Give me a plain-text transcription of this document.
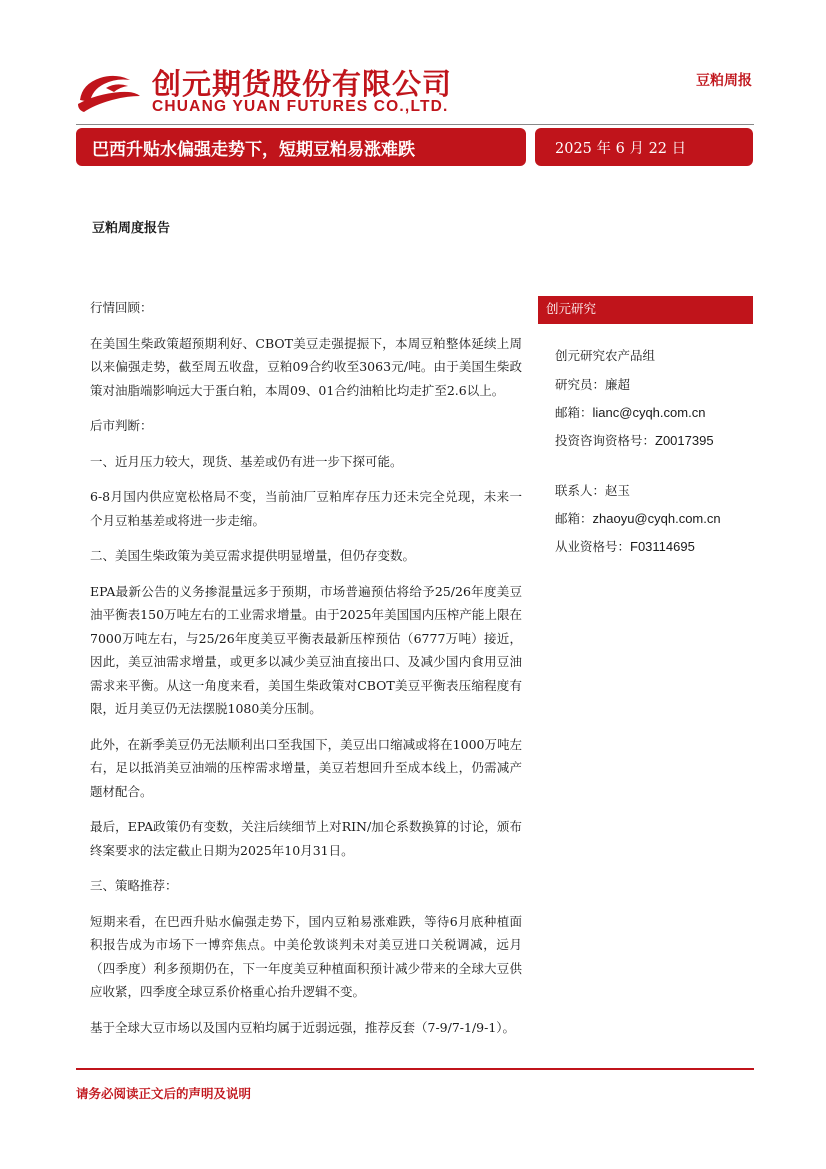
创元期货股份有限公司
CHUANG YUAN FUTURES CO.,LTD.
豆粕周报
巴西升贴水偏强走势下，短期豆粕易涨难跌	2025 年 6 月 22 日
豆粕周度报告

行情回顾：

在美国生柴政策超预期利好、CBOT美豆走强提振下，本周豆粕整体延续上周以来偏强走势，截至周五收盘，豆粕09合约收至3063元/吨。由于美国生柴政策对油脂端影响远大于蛋白粕，本周09、01合约油粕比均走扩至2.6以上。

后市判断：

一、近月压力较大，现货、基差或仍有进一步下探可能。

6-8月国内供应宽松格局不变，当前油厂豆粕库存压力还未完全兑现，未来一个月豆粕基差或将进一步走缩。

二、美国生柴政策为美豆需求提供明显增量，但仍存变数。

EPA最新公告的义务掺混量远多于预期，市场普遍预估将给予25/26年度美豆油平衡表150万吨左右的工业需求增量。由于2025年美国国内压榨产能上限在7000万吨左右，与25/26年度美豆平衡表最新压榨预估（6777万吨）接近，因此，美豆油需求增量，或更多以减少美豆油直接出口、及减少国内食用豆油需求来平衡。从这一角度来看，美国生柴政策对CBOT美豆平衡表压缩程度有限，近月美豆仍无法摆脱1080美分压制。

此外，在新季美豆仍无法顺利出口至我国下，美豆出口缩减或将在1000万吨左右，足以抵消美豆油端的压榨需求增量，美豆若想回升至成本线上，仍需减产题材配合。

最后，EPA政策仍有变数，关注后续细节上对RIN/加仑系数换算的讨论，颁布终案要求的法定截止日期为2025年10月31日。

三、策略推荐：

短期来看，在巴西升贴水偏强走势下，国内豆粕易涨难跌，等待6月底种植面积报告成为市场下一博弈焦点。中美伦敦谈判未对美豆进口关税调减，远月（四季度）利多预期仍在，下一年度美豆种植面积预计减少带来的全球大豆供应收紧，四季度全球豆系价格重心抬升逻辑不变。

基于全球大豆市场以及国内豆粕均属于近弱远强，推荐反套（7-9/7-1/9-1）。

创元研究
创元研究农产品组
研究员：廉超
邮箱：lianc@cyqh.com.cn
投资咨询资格号：Z0017395
联系人：赵玉
邮箱：zhaoyu@cyqh.com.cn
从业资格号：F03114695
请务必阅读正文后的声明及说明
